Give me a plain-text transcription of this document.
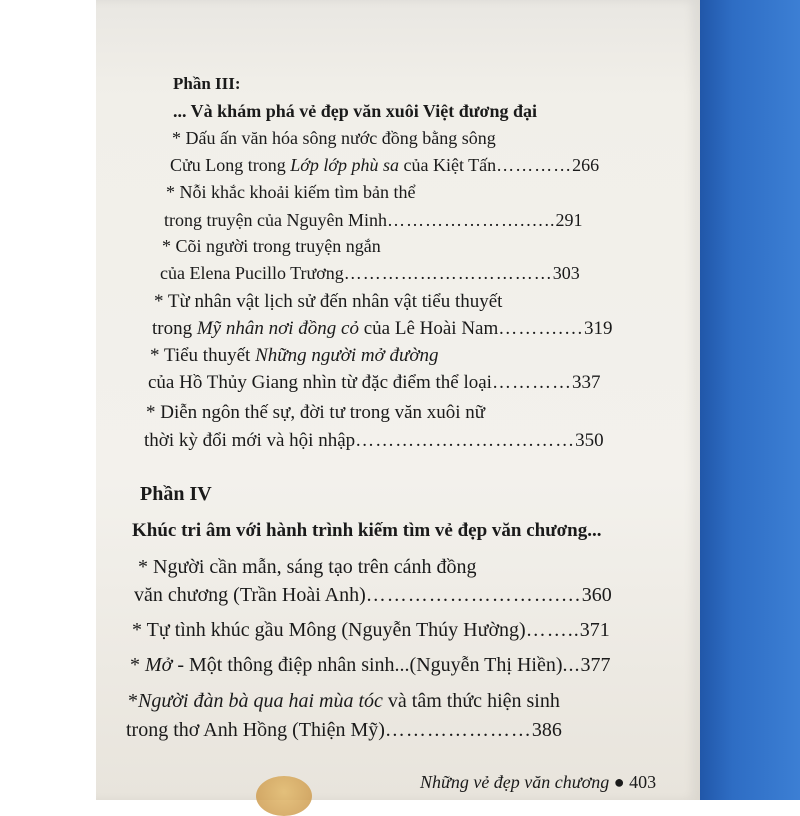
Phần III:
... Và khám phá vẻ đẹp văn xuôi Việt đương đại
* Dấu ấn văn hóa sông nước đồng bằng sông
Cửu Long trong Lớp lớp phù sa của Kiệt Tấn…………266
* Nỗi khắc khoải kiếm tìm bản thể
trong truyện của Nguyên Minh………………….…..291
* Cõi người trong truyện ngắn
của Elena Pucillo Trương……………………………303
* Từ nhân vật lịch sử đến nhân vật tiểu thuyết
trong Mỹ nhân nơi đồng cỏ của Lê Hoài Nam……….…319
* Tiểu thuyết Những người mở đường
của Hồ Thủy Giang nhìn từ đặc điểm thể loại…………337
* Diễn ngôn thế sự, đời tư trong văn xuôi nữ
thời kỳ đổi mới và hội nhập……………………………350
Phần IV
Khúc tri âm với hành trình kiếm tìm vẻ đẹp văn chương...
* Người cần mẫn, sáng tạo trên cánh đồng
văn chương (Trần Hoài Anh)……………………….…360
* Tự tình khúc gầu Mông (Nguyễn Thúy Hường)……..371
* Mở - Một thông điệp nhân sinh...(Nguyễn Thị Hiền)...377
*Người đàn bà qua hai mùa tóc và tâm thức hiện sinh
trong thơ Anh Hồng (Thiện Mỹ)…………………386
Những vẻ đẹp văn chương ● 403
